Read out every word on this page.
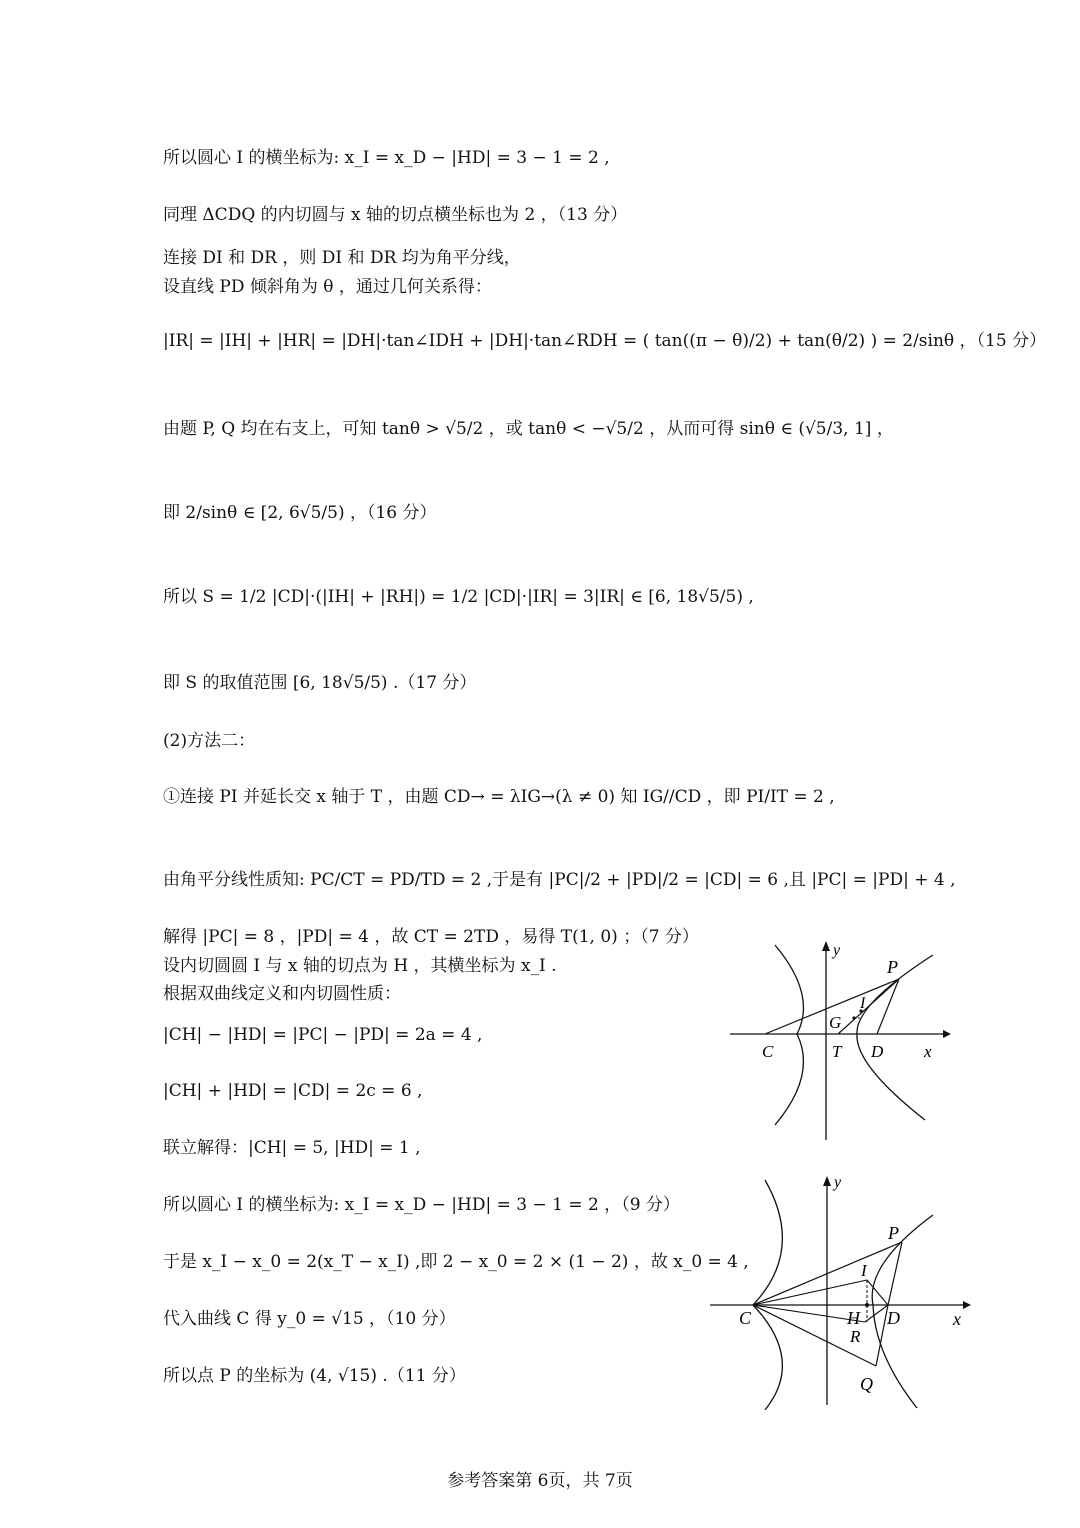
所以圆心 I 的横坐标为: x_I = x_D − |HD| = 3 − 1 = 2 ,
同理 ΔCDQ 的内切圆与 x 轴的切点横坐标也为 2 ，（13 分）
连接 DI 和 DR ，则 DI 和 DR 均为角平分线，
设直线 PD 倾斜角为 θ ，通过几何关系得：
|IR| = |IH| + |HR| = |DH|·tan∠IDH + |DH|·tan∠RDH = ( tan((π − θ)/2) + tan(θ/2) ) = 2/sinθ ，（15 分）
由题 P, Q 均在右支上，可知 tanθ > √5/2 ，或 tanθ < −√5/2 ，从而可得 sinθ ∈ (√5/3, 1] ，
即 2/sinθ ∈ [2, 6√5/5) ，（16 分）
所以 S = 1/2 |CD|·(|IH| + |RH|) = 1/2 |CD|·|IR| = 3|IR| ∈ [6, 18√5/5) ,
即 S 的取值范围 [6, 18√5/5) .（17 分）
(2)方法二：
①连接 PI 并延长交 x 轴于 T ，由题 CD→ = λIG→(λ ≠ 0) 知 IG//CD ，即 PI/IT = 2 ,
由角平分线性质知: PC/CT = PD/TD = 2 ,于是有 |PC|/2 + |PD|/2 = |CD| = 6 ,且 |PC| = |PD| + 4 ,
解得 |PC| = 8 ，|PD| = 4 ，故 CT = 2TD ，易得 T(1, 0) ；（7 分）
设内切圆圆 I 与 x 轴的切点为 H ，其横坐标为 x_I .
根据双曲线定义和内切圆性质：
|CH| − |HD| = |PC| − |PD| = 2a = 4 ,
|CH| + |HD| = |CD| = 2c = 6 ,
联立解得：|CH| = 5, |HD| = 1 ,
所以圆心 I 的横坐标为: x_I = x_D − |HD| = 3 − 1 = 2 ，（9 分）
于是 x_I − x_0 = 2(x_T − x_I) ,即 2 − x_0 = 2 × (1 − 2) ，故 x_0 = 4 ,
代入曲线 C 得 y_0 = √15 ，（10 分）
所以点 P 的坐标为 (4, √15) .（11 分）
y
P
I
G
C	T D x
y
P
I
C	H D	x
R
Q
参考答案第 6页，共 7页
